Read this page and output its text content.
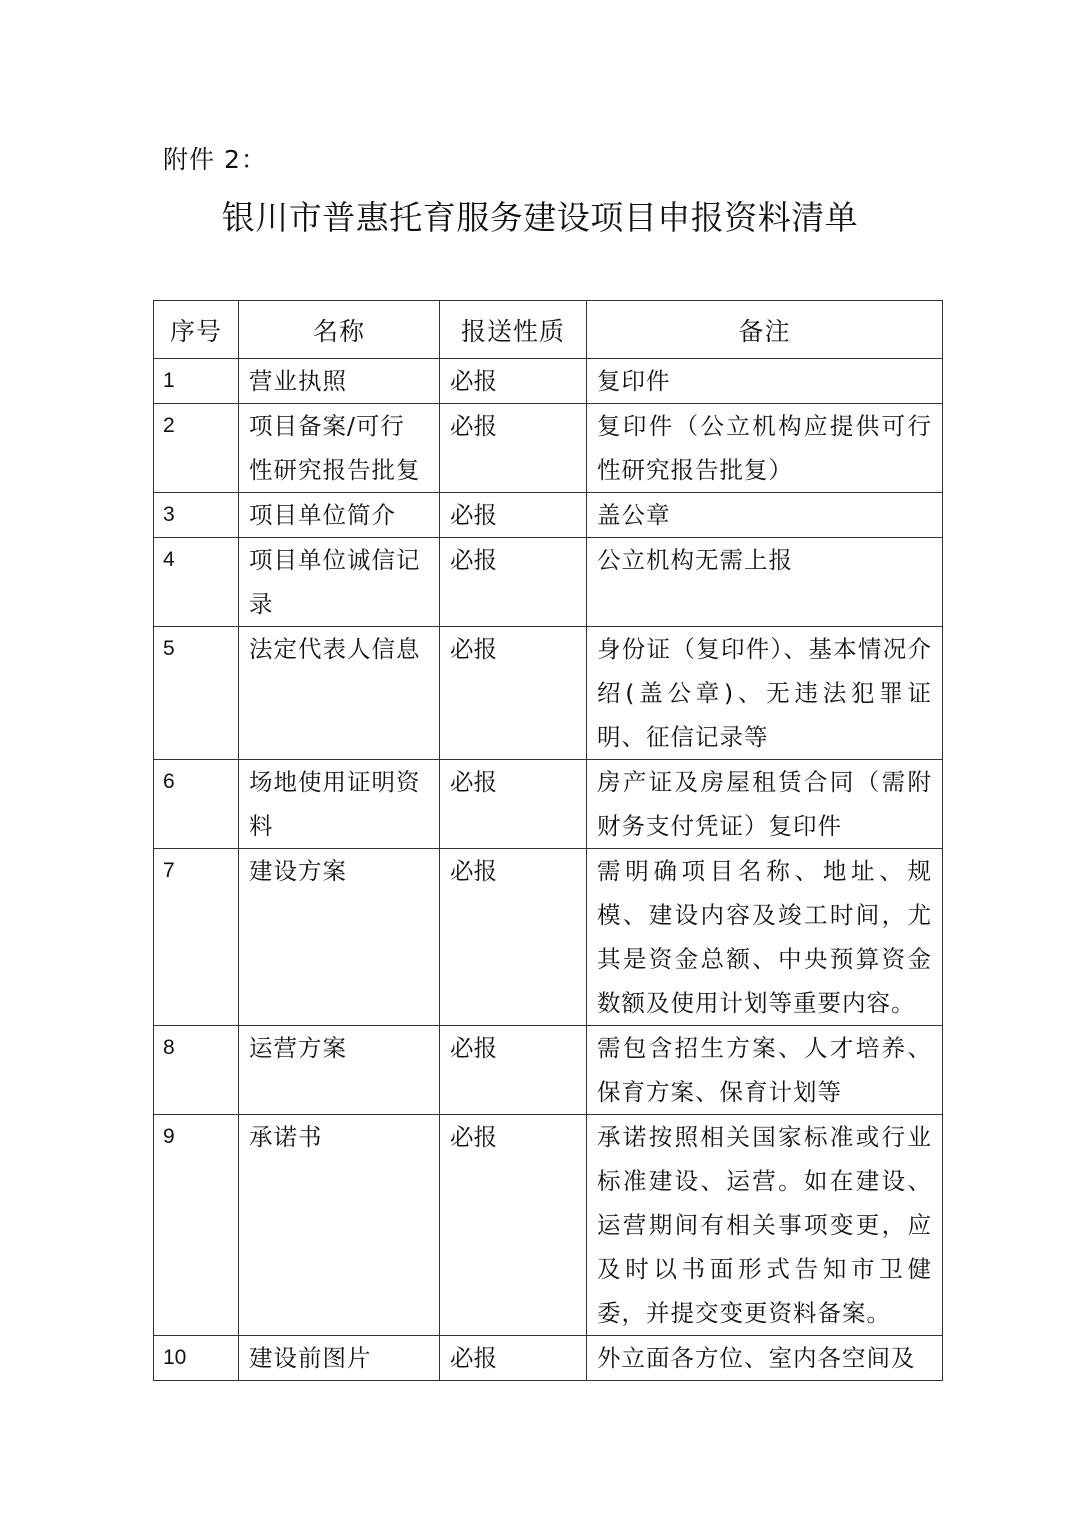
附件 2：
银川市普惠托育服务建设项目申报资料清单
序号	名称	报送性质	备注

1	营业执照	必报	复印件

2	项目备案/可行性研究报告批复	必报	复印件（公立机构应提供可行性研究报告批复）

3	项目单位简介	必报	盖公章

4	项目单位诚信记录	必报	公立机构无需上报

5	法定代表人信息	必报	身份证（复印件）、基本情况介绍(盖公章)、无违法犯罪证明、征信记录等

6	场地使用证明资料	必报	房产证及房屋租赁合同（需附财务支付凭证）复印件

7	建设方案	必报	需明确项目名称、地址、规模、建设内容及竣工时间，尤其是资金总额、中央预算资金数额及使用计划等重要内容。

8	运营方案	必报	需包含招生方案、人才培养、保育方案、保育计划等

9	承诺书	必报	承诺按照相关国家标准或行业标准建设、运营。如在建设、运营期间有相关事项变更，应及时以书面形式告知市卫健委，并提交变更资料备案。

10	建设前图片	必报	外立面各方位、室内各空间及
